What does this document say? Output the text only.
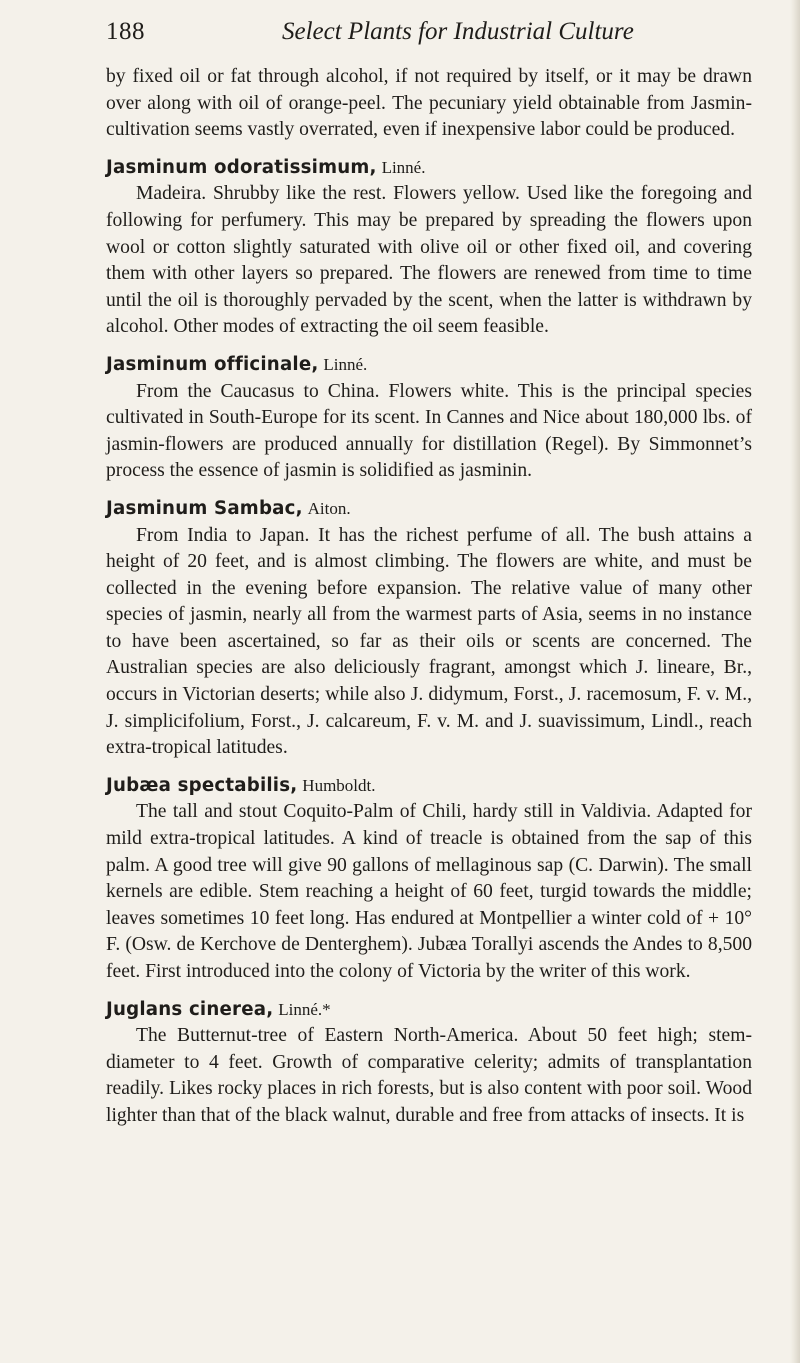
188	Select Plants for Industrial Culture

by fixed oil or fat through alcohol, if not required by itself, or it may be drawn over along with oil of orange-peel. The pecuniary yield obtainable from Jasmin-cultivation seems vastly overrated, even if inexpensive labor could be produced.

Jasminum odoratissimum, Linné.

Madeira. Shrubby like the rest. Flowers yellow. Used like the foregoing and following for perfumery. This may be prepared by spreading the flowers upon wool or cotton slightly saturated with olive oil or other fixed oil, and covering them with other layers so prepared. The flowers are renewed from time to time until the oil is thoroughly pervaded by the scent, when the latter is withdrawn by alcohol. Other modes of extracting the oil seem feasible.

Jasminum officinale, Linné.

From the Caucasus to China. Flowers white. This is the principal species cultivated in South-Europe for its scent. In Cannes and Nice about 180,000 lbs. of jasmin-flowers are produced annually for distillation (Regel). By Simmonnet’s process the essence of jasmin is solidified as jasminin.

Jasminum Sambac, Aiton.

From India to Japan. It has the richest perfume of all. The bush attains a height of 20 feet, and is almost climbing. The flowers are white, and must be collected in the evening before expansion. The relative value of many other species of jasmin, nearly all from the warmest parts of Asia, seems in no instance to have been ascertained, so far as their oils or scents are concerned. The Australian species are also deliciously fragrant, amongst which J. lineare, Br., occurs in Victorian deserts; while also J. didymum, Forst., J. racemosum, F. v. M., J. simplicifolium, Forst., J. calcareum, F. v. M. and J. suavissimum, Lindl., reach extra-tropical latitudes.

Jubæa spectabilis, Humboldt.

The tall and stout Coquito-Palm of Chili, hardy still in Valdivia. Adapted for mild extra-tropical latitudes. A kind of treacle is obtained from the sap of this palm. A good tree will give 90 gallons of mellaginous sap (C. Darwin). The small kernels are edible. Stem reaching a height of 60 feet, turgid towards the middle; leaves sometimes 10 feet long. Has endured at Montpellier a winter cold of + 10° F. (Osw. de Kerchove de Denterghem). Jubæa Torallyi ascends the Andes to 8,500 feet. First introduced into the colony of Victoria by the writer of this work.

Juglans cinerea, Linné.*

The Butternut-tree of Eastern North-America. About 50 feet high; stem-diameter to 4 feet. Growth of comparative celerity; admits of transplantation readily. Likes rocky places in rich forests, but is also content with poor soil. Wood lighter than that of the black walnut, durable and free from attacks of insects. It is
